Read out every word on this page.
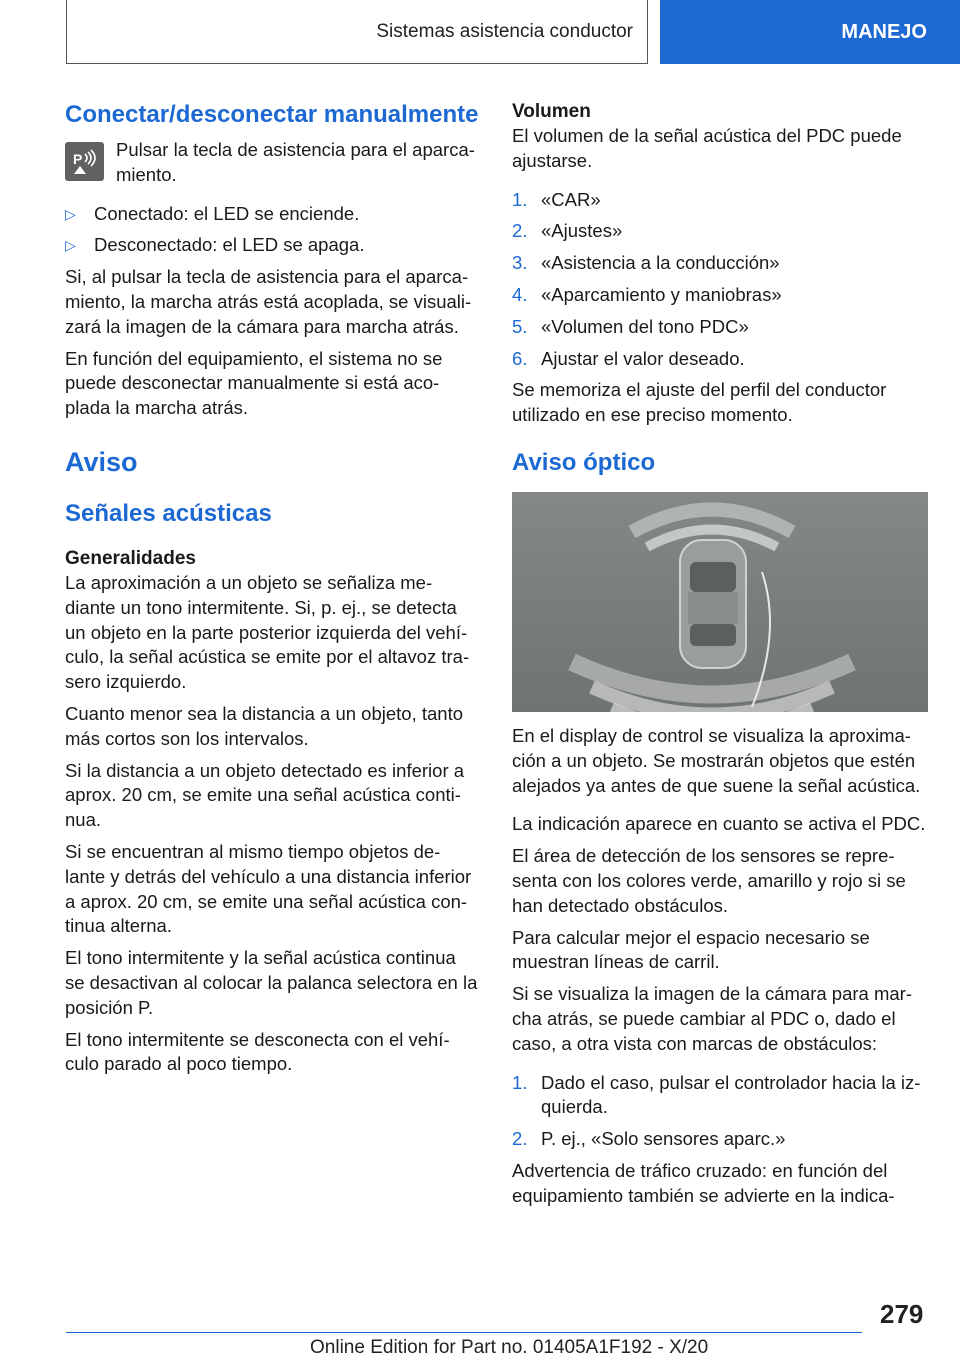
Sistemas asistencia conductor	MANEJO
Conectar/desconectar manualmente
P Pulsar la tecla de asistencia para el aparca-miento.
▷ Conectado: el LED se enciende.
▷ Desconectado: el LED se apaga.

Si, al pulsar la tecla de asistencia para el aparca-miento, la marcha atrás está acoplada, se visuali-zará la imagen de la cámara para marcha atrás.

En función del equipamiento, el sistema no se puede desconectar manualmente si está aco-plada la marcha atrás.

Aviso
Señales acústicas
Generalidades

La aproximación a un objeto se señaliza me-diante un tono intermitente. Si, p. ej., se detecta un objeto en la parte posterior izquierda del vehí-culo, la señal acústica se emite por el altavoz tra-sero izquierdo.

Cuanto menor sea la distancia a un objeto, tanto más cortos son los intervalos.

Si la distancia a un objeto detectado es inferior a aprox. 20 cm, se emite una señal acústica conti-nua.

Si se encuentran al mismo tiempo objetos de-lante y detrás del vehículo a una distancia inferior a aprox. 20 cm, se emite una señal acústica con-tinua alterna.

El tono intermitente y la señal acústica continua se desactivan al colocar la palanca selectora en la posición P.

El tono intermitente se desconecta con el vehí-culo parado al poco tiempo.

Volumen

El volumen de la señal acústica del PDC puede ajustarse.

1. «CAR»
2. «Ajustes»
3. «Asistencia a la conducción»
4. «Aparcamiento y maniobras»
5. «Volumen del tono PDC»
6. Ajustar el valor deseado.

Se memoriza el ajuste del perfil del conductor utilizado en ese preciso momento.

Aviso óptico

En el display de control se visualiza la aproxima-ción a un objeto. Se mostrarán objetos que estén alejados ya antes de que suene la señal acústica.

La indicación aparece en cuanto se activa el PDC.

El área de detección de los sensores se repre-senta con los colores verde, amarillo y rojo si se han detectado obstáculos.

Para calcular mejor el espacio necesario se muestran líneas de carril.

Si se visualiza la imagen de la cámara para mar-cha atrás, se puede cambiar al PDC o, dado el caso, a otra vista con marcas de obstáculos:

1. Dado el caso, pulsar el controlador hacia la iz-quierda.
2. P. ej., «Solo sensores aparc.»

Advertencia de tráfico cruzado: en función del equipamiento también se advierte en la indica-

279
Online Edition for Part no. 01405A1F192 - X/20
